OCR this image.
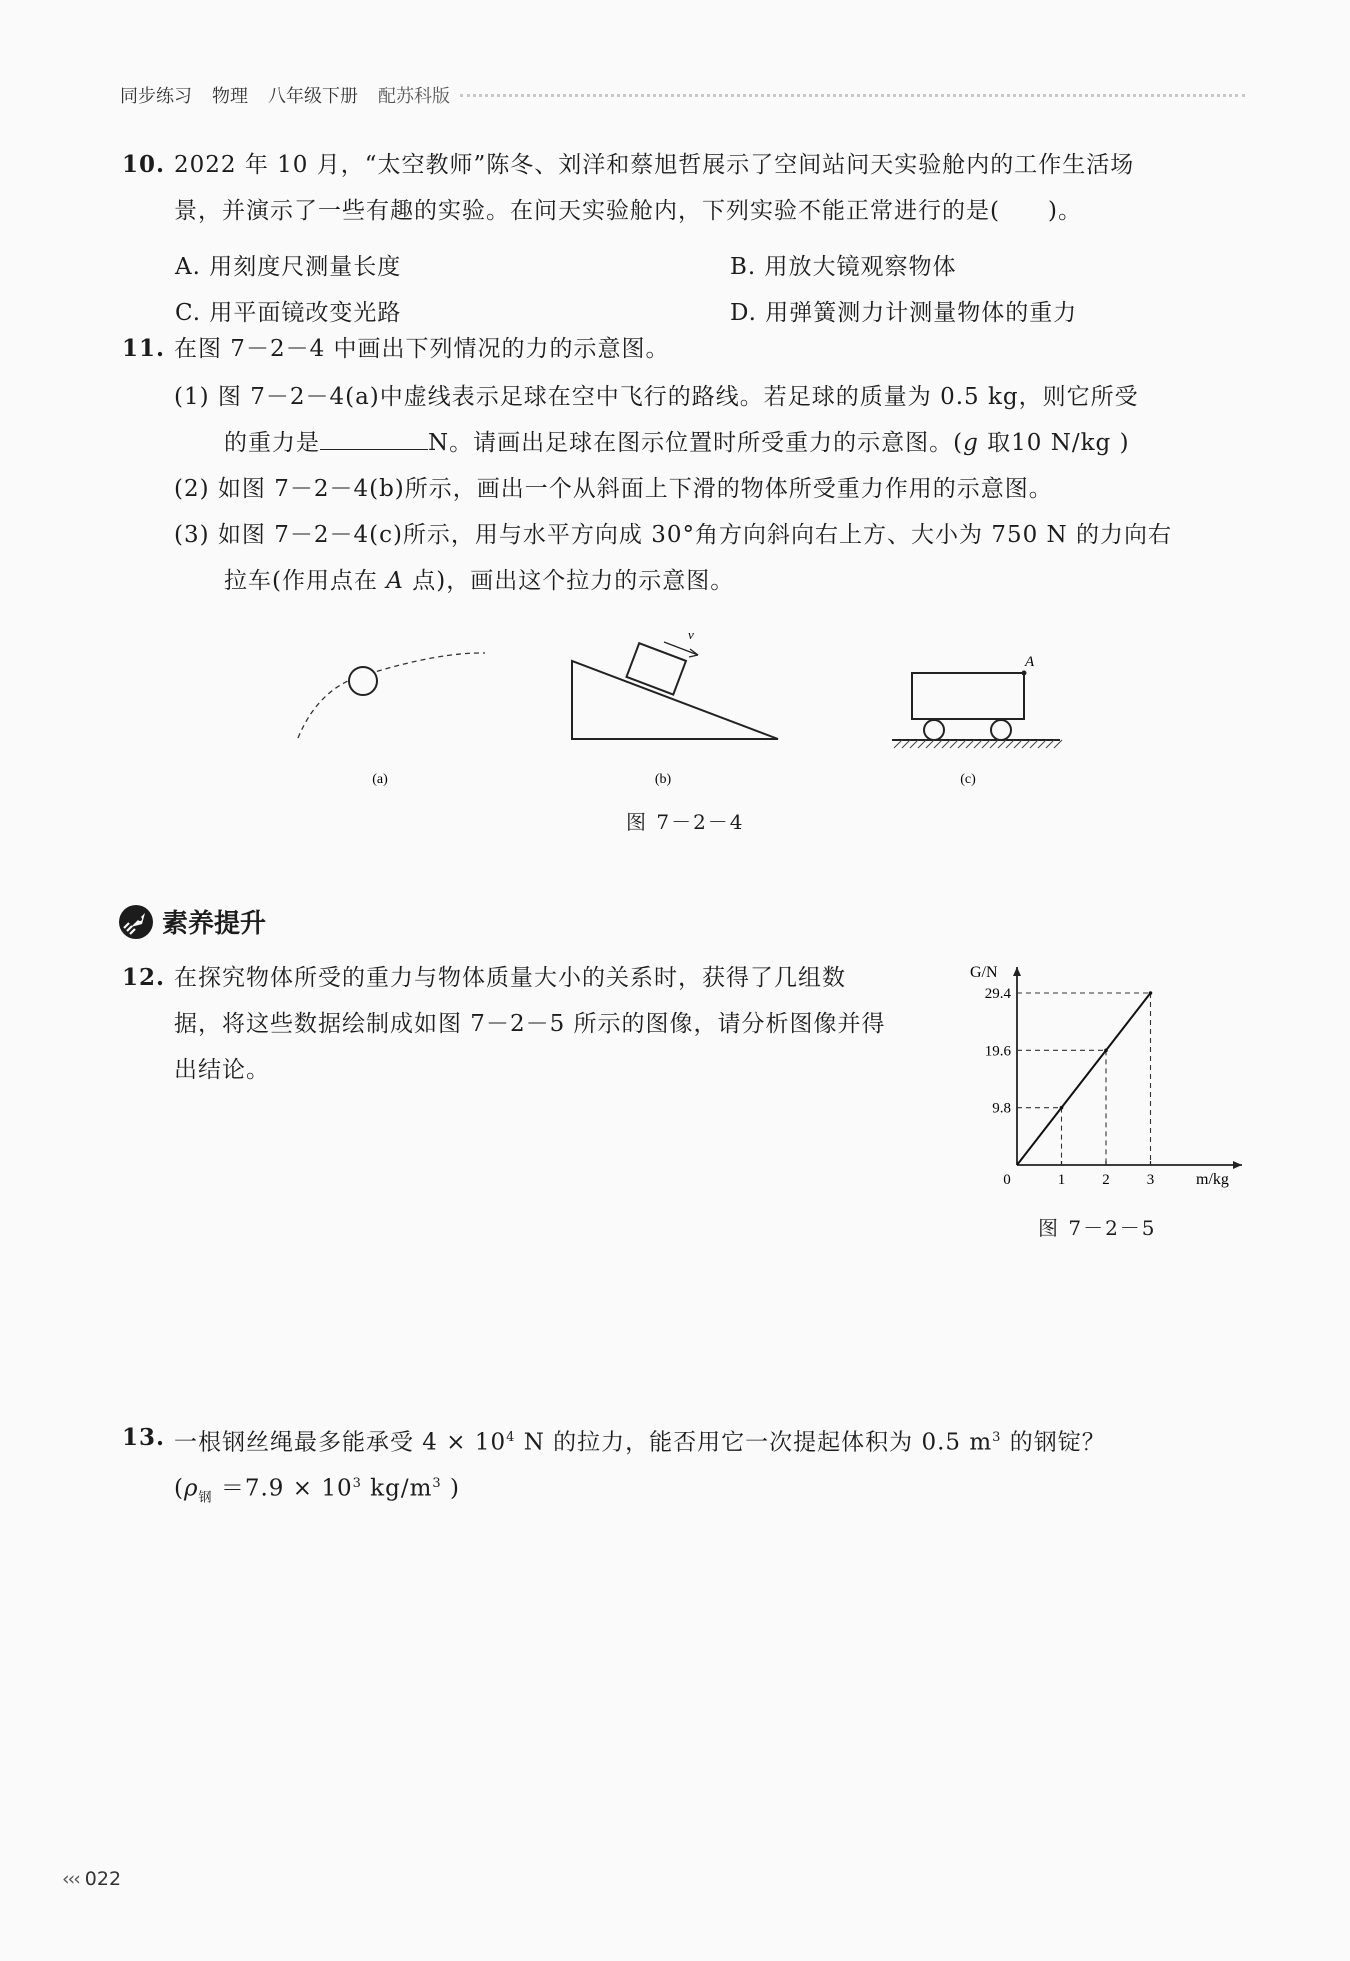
同步练习 物理 八年级下册 配苏科版
10. 2022 年 10 月，“太空教师”陈冬、刘洋和蔡旭哲展示了空间站问天实验舱内的工作生活场
景，并演示了一些有趣的实验。在问天实验舱内，下列实验不能正常进行的是(　　)。
A. 用刻度尺测量长度	B. 用放大镜观察物体
C. 用平面镜改变光路	D. 用弹簧测力计测量物体的重力
11. 在图 7－2－4 中画出下列情况的力的示意图。
(1) 图 7－2－4(a)中虚线表示足球在空中飞行的路线。若足球的质量为 0.5 kg，则它所受
的重力是	N。请画出足球在图示位置时所受重力的示意图。(g 取10 N/kg )
(2) 如图 7－2－4(b)所示，画出一个从斜面上下滑的物体所受重力作用的示意图。
(3) 如图 7－2－4(c)所示，用与水平方向成 30°角方向斜向右上方、大小为 750 N 的力向右
拉车(作用点在 A 点)，画出这个拉力的示意图。
v
A
(a)	(b)	(c)
图 7－2－4
素养提升
12. 在探究物体所受的重力与物体质量大小的关系时，获得了几组数
据，将这些数据绘制成如图 7－2－5 所示的图像，请分析图像并得
出结论。
0	1 2 3
9.8
19.6
29.4
G/N
m/kg
图 7－2－5
13. 一根钢丝绳最多能承受 $4 \times 10^4$ N 的拉力，能否用它一次提起体积为 0.5 $m^3$ 的钢锭？
($\rho_钢 =7.9 \times 10^3$ $kg/m^3$ )
‹‹‹ 022
